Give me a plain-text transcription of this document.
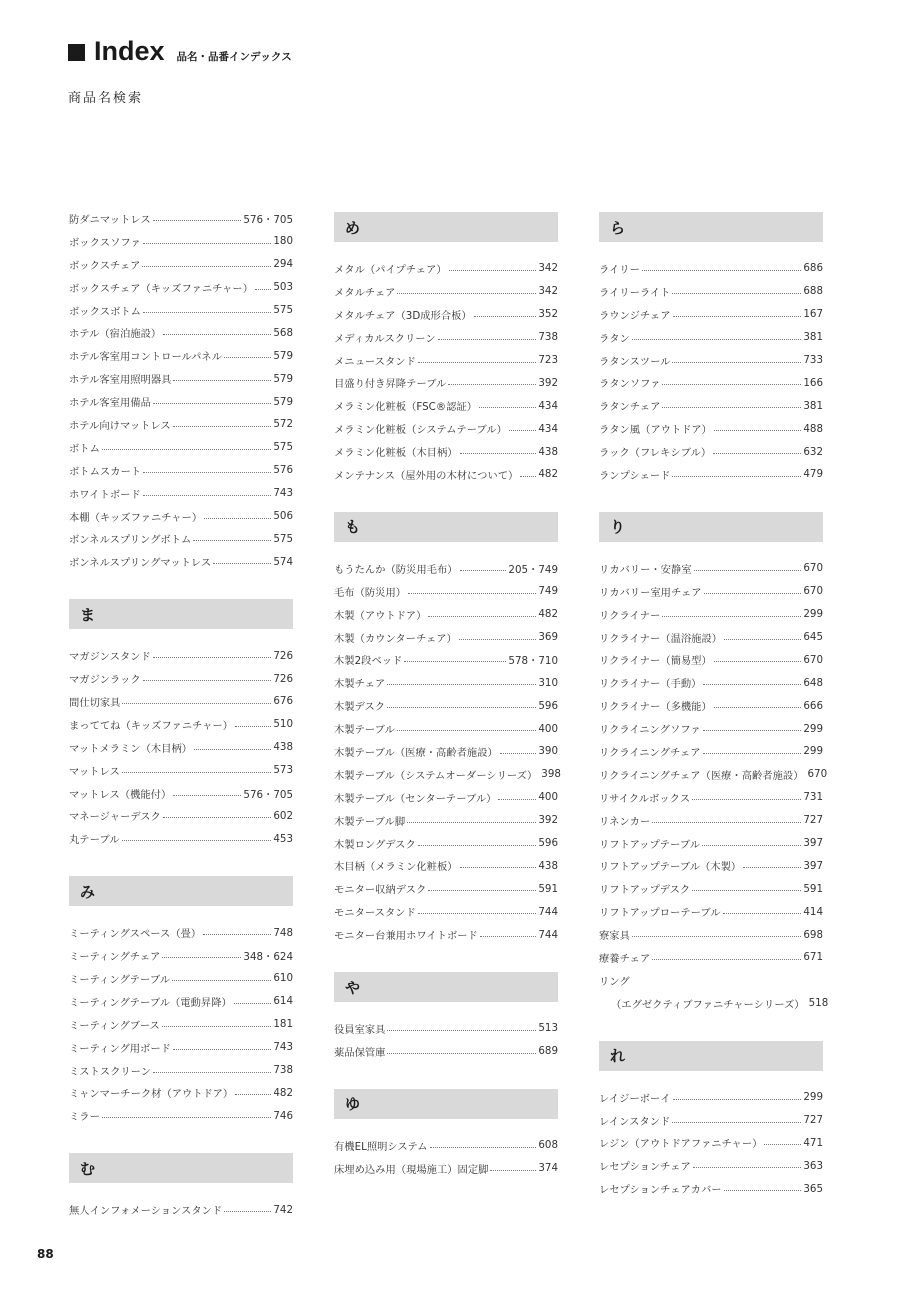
Index 品名・品番インデックス
商品名検索
防ダニマットレス	576・705
ボックスソファ	180
ボックスチェア	294
ボックスチェア（キッズファニチャー） 503
ボックスボトム	575
ホテル（宿泊施設）	568
ホテル客室用コントロールパネル	579
ホテル客室用照明器具	579
ホテル客室用備品	579
ホテル向けマットレス	572
ボトム	575
ボトムスカート	576
ホワイトボード	743
本棚（キッズファニチャー）	506
ボンネルスプリングボトム	575
ボンネルスプリングマットレス	574
ま
マガジンスタンド	726
マガジンラック	726
間仕切家具	676
まっててね（キッズファニチャー）	510
マットメラミン（木目柄）	438
マットレス	573
マットレス（機能付）	576・705
マネージャーデスク	602
丸テーブル	453
み
ミーティングスペース（畳）	748
ミーティングチェア	348・624
ミーティングテーブル	610
ミーティングテーブル（電動昇降）	614
ミーティングブース	181
ミーティング用ボード	743
ミストスクリーン	738
ミャンマーチーク材（アウトドア）	482
ミラー	746
む
無人インフォメーションスタンド	742
め
メタル（パイプチェア）	342
メタルチェア	342
メタルチェア（3D成形合板）	352
メディカルスクリーン	738
メニュースタンド	723
目盛り付き昇降テーブル	392
メラミン化粧板（FSC®認証）	434
メラミン化粧板（システムテーブル）	434
メラミン化粧板（木目柄）	438
メンテナンス（屋外用の木材について） 482
も
もうたんか（防災用毛布）	205・749
毛布（防災用）	749
木製（アウトドア）	482
木製（カウンターチェア）	369
木製2段ベッド	578・710
木製チェア	310
木製デスク	596
木製テーブル	400
木製テーブル（医療・高齢者施設）	390
木製テーブル（システムオーダーシリーズ） 398
木製テーブル（センターテーブル）	400
木製テーブル脚	392
木製ロングデスク	596
木目柄（メラミン化粧板）	438
モニター収納デスク	591
モニタースタンド	744
モニター台兼用ホワイトボード	744
や
役員室家具	513
薬品保管庫	689
ゆ
有機EL照明システム	608
床埋め込み用（現場施工）固定脚	374
ら
ライリー	686
ライリーライト	688
ラウンジチェア	167
ラタン	381
ラタンスツール	733
ラタンソファ	166
ラタンチェア	381
ラタン風（アウトドア）	488
ラック（フレキシブル）	632
ランプシェード	479
り
リカバリー・安静室	670
リカバリー室用チェア	670
リクライナー	299
リクライナー（温浴施設）	645
リクライナー（簡易型）	670
リクライナー（手動）	648
リクライナー（多機能）	666
リクライニングソファ	299
リクライニングチェア	299
リクライニングチェア（医療・高齢者施設） 670
リサイクルボックス	731
リネンカー	727
リフトアップテーブル	397
リフトアップテーブル（木製）	397
リフトアップデスク	591
リフトアップローテーブル	414
寮家具	698
療養チェア	671
リング
（エグゼクティブファニチャーシリーズ） 518
れ
レイジーボーイ	299
レインスタンド	727
レジン（アウトドアファニチャー）	471
レセプションチェア	363
レセプションチェアカバー	365
88
